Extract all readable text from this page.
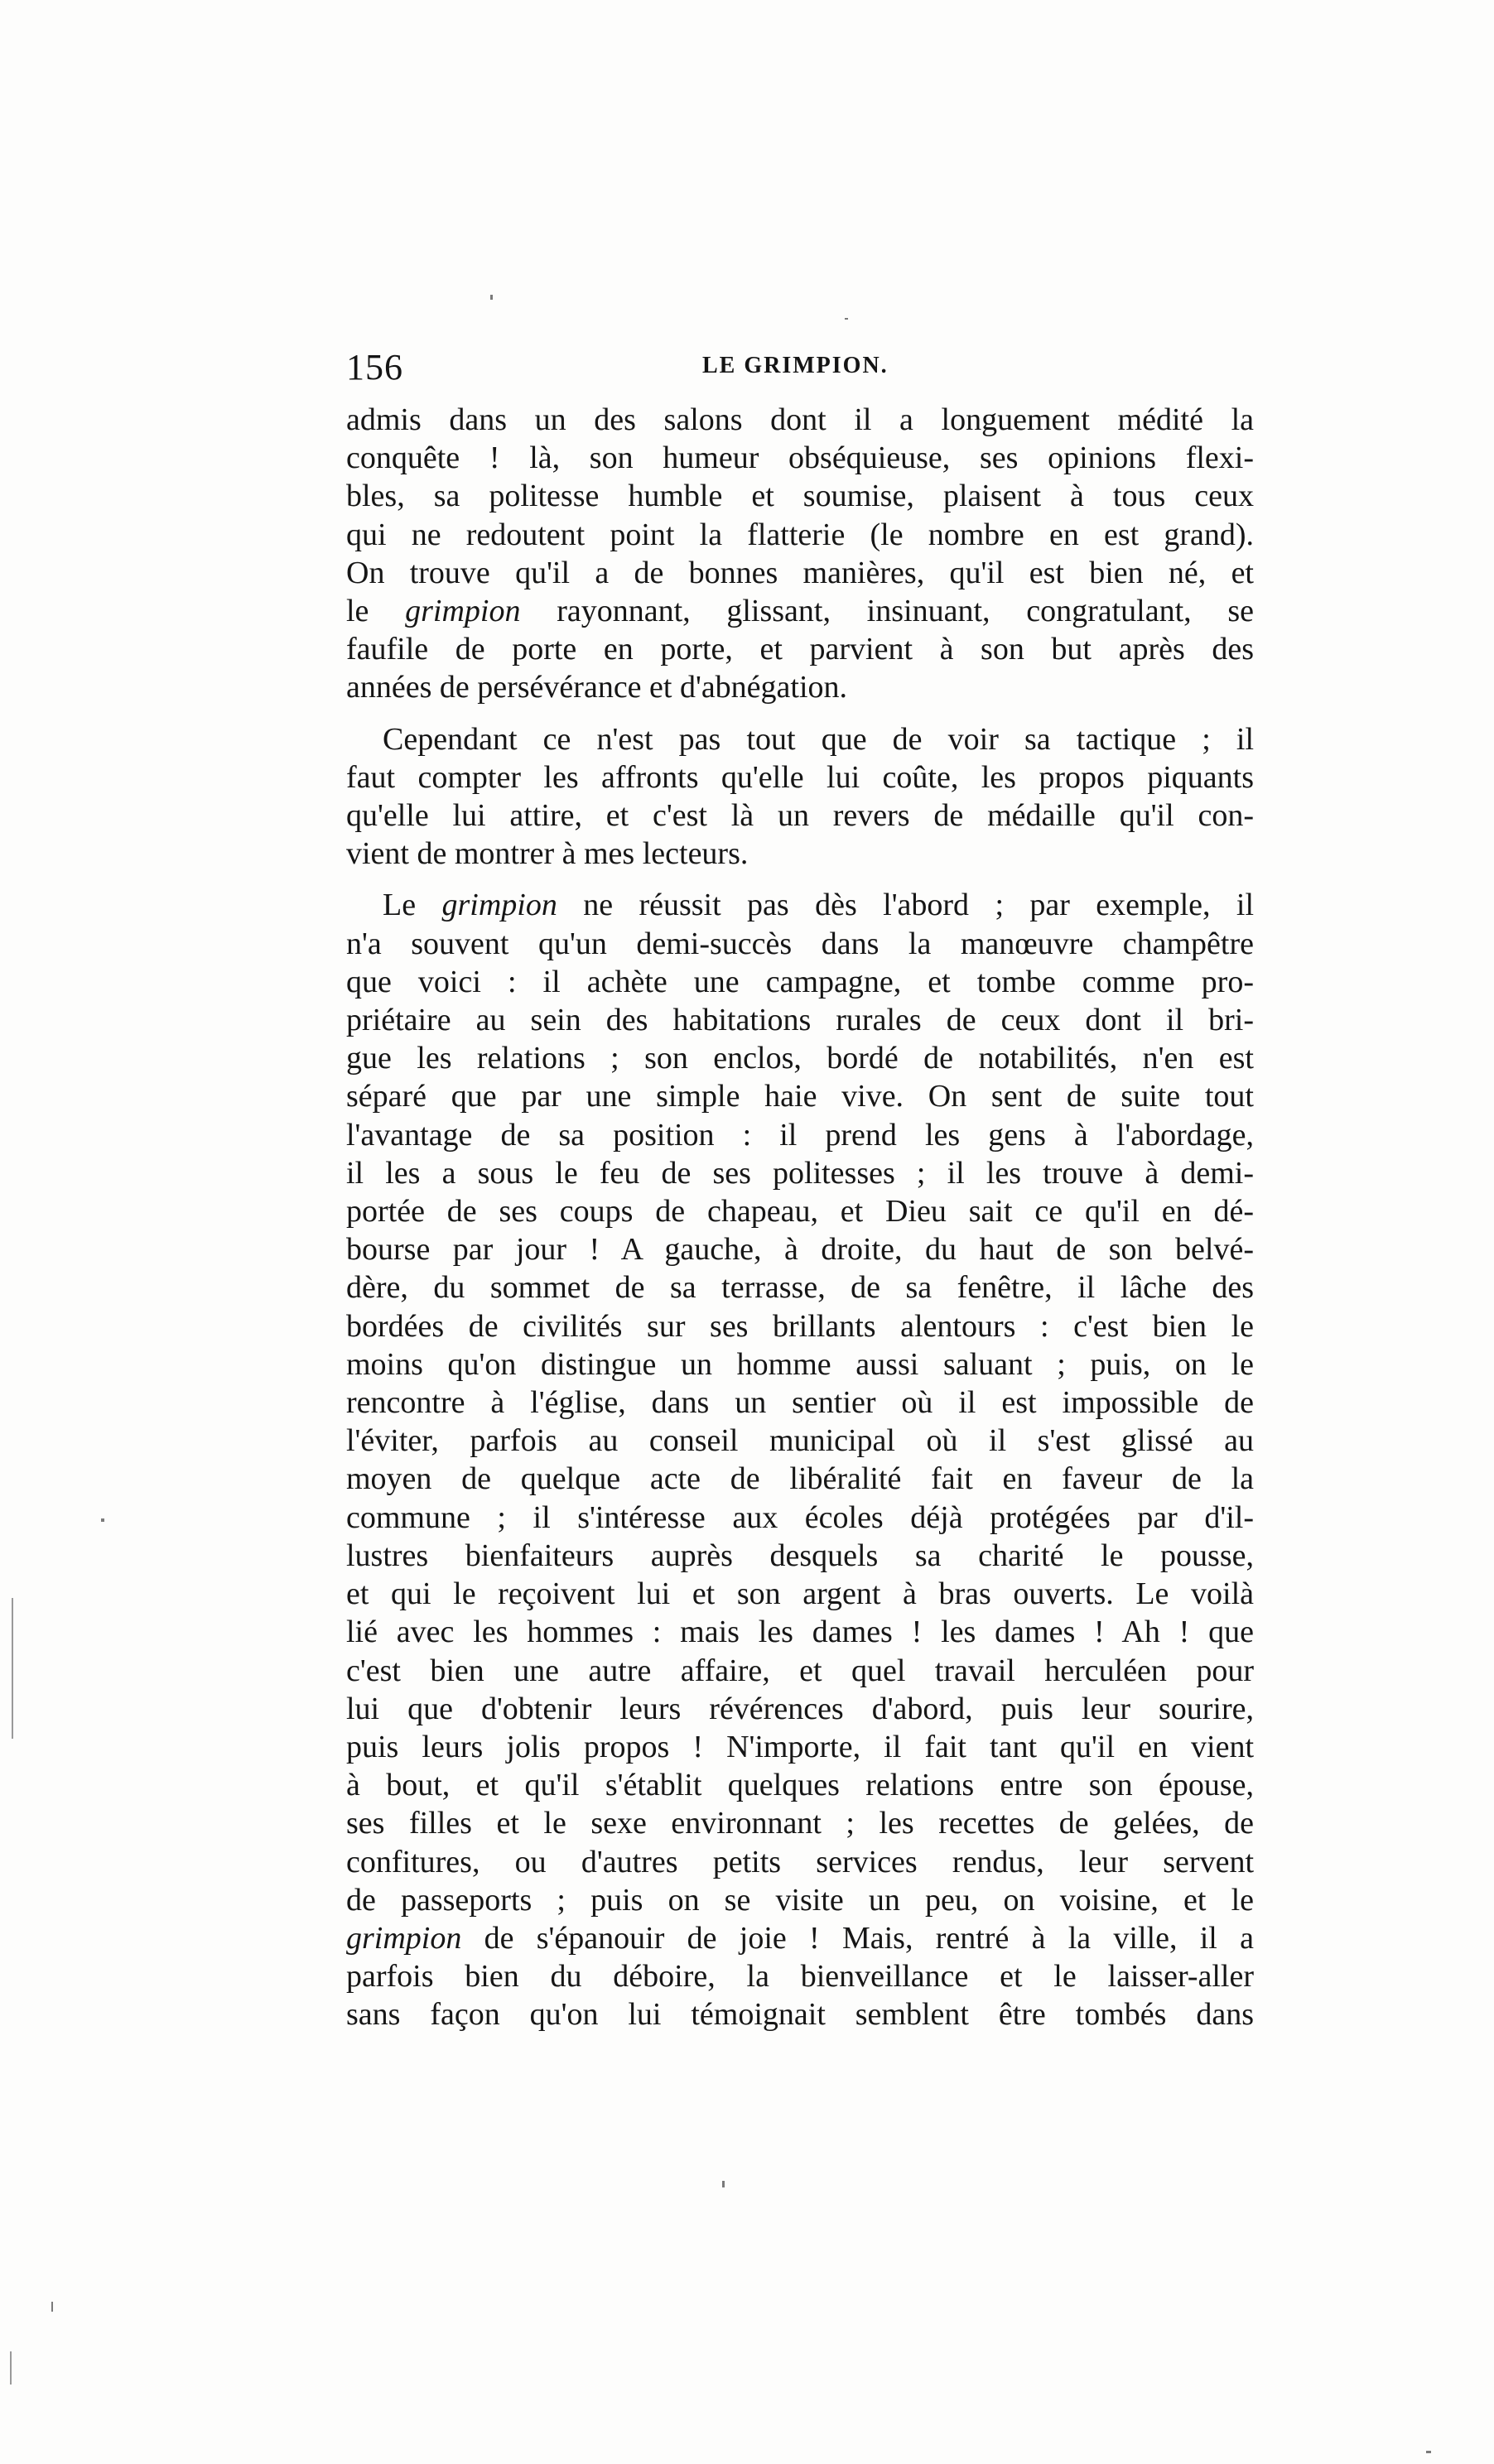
156	LE GRIMPION.
admis dans un des salons dont il a longuement médité la
conquête ! là, son humeur obséquieuse, ses opinions flexi-
bles, sa politesse humble et soumise, plaisent à tous ceux
qui ne redoutent point la flatterie (le nombre en est grand).
On trouve qu'il a de bonnes manières, qu'il est bien né, et
le grimpion rayonnant, glissant, insinuant, congratulant, se
faufile de porte en porte, et parvient à son but après des
années de persévérance et d'abnégation.
Cependant ce n'est pas tout que de voir sa tactique ; il
faut compter les affronts qu'elle lui coûte, les propos piquants
qu'elle lui attire, et c'est là un revers de médaille qu'il con-
vient de montrer à mes lecteurs.
Le grimpion ne réussit pas dès l'abord ; par exemple, il
n'a souvent qu'un demi-succès dans la manœuvre champêtre
que voici : il achète une campagne, et tombe comme pro-
priétaire au sein des habitations rurales de ceux dont il bri-
gue les relations ; son enclos, bordé de notabilités, n'en est
séparé que par une simple haie vive. On sent de suite tout
l'avantage de sa position : il prend les gens à l'abordage,
il les a sous le feu de ses politesses ; il les trouve à demi-
portée de ses coups de chapeau, et Dieu sait ce qu'il en dé-
bourse par jour ! A gauche, à droite, du haut de son belvé-
dère, du sommet de sa terrasse, de sa fenêtre, il lâche des
bordées de civilités sur ses brillants alentours : c'est bien le
moins qu'on distingue un homme aussi saluant ; puis, on le
rencontre à l'église, dans un sentier où il est impossible de
l'éviter, parfois au conseil municipal où il s'est glissé au
moyen de quelque acte de libéralité fait en faveur de la
commune ; il s'intéresse aux écoles déjà protégées par d'il-
lustres bienfaiteurs auprès desquels sa charité le pousse,
et qui le reçoivent lui et son argent à bras ouverts. Le voilà
lié avec les hommes : mais les dames ! les dames ! Ah ! que
c'est bien une autre affaire, et quel travail herculéen pour
lui que d'obtenir leurs révérences d'abord, puis leur sourire,
puis leurs jolis propos ! N'importe, il fait tant qu'il en vient
à bout, et qu'il s'établit quelques relations entre son épouse,
ses filles et le sexe environnant ; les recettes de gelées, de
confitures, ou d'autres petits services rendus, leur servent
de passeports ; puis on se visite un peu, on voisine, et le
grimpion de s'épanouir de joie ! Mais, rentré à la ville, il a
parfois bien du déboire, la bienveillance et le laisser-aller
sans façon qu'on lui témoignait semblent être tombés dans
